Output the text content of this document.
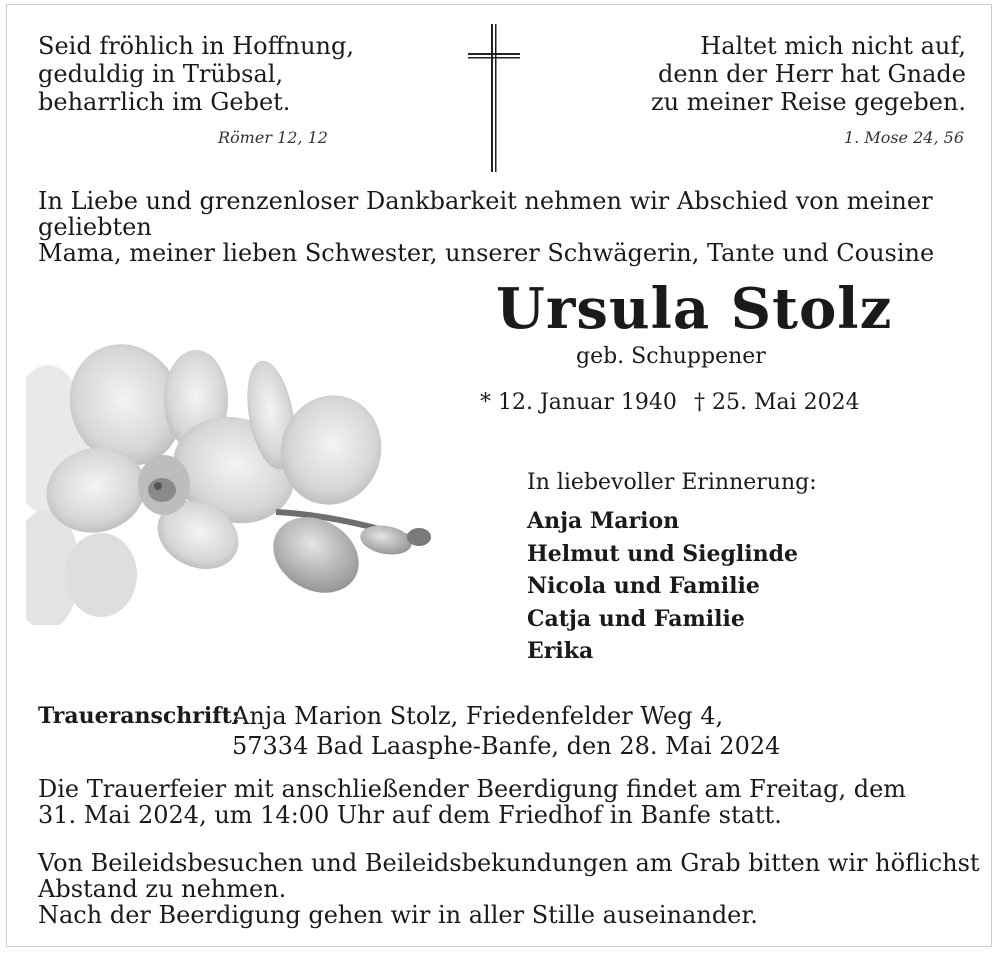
Seid fröhlich in Hoffnung,
geduldig in Trübsal,
beharrlich im Gebet.
Römer 12, 12
Haltet mich nicht auf,
denn der Herr hat Gnade
zu meiner Reise gegeben.
1. Mose 24, 56
In Liebe und grenzenloser Dankbarkeit nehmen wir Abschied von meiner geliebten
Mama, meiner lieben Schwester, unserer Schwägerin, Tante und Cousine
Ursula Stolz
geb. Schuppener
* 12. Januar 1940 † 25. Mai 2024
In liebevoller Erinnerung:
Anja Marion
Helmut und Sieglinde
Nicola und Familie
Catja und Familie
Erika
Traueranschrift:
Anja Marion Stolz, Friedenfelder Weg 4,
57334 Bad Laasphe-Banfe, den 28. Mai 2024
Die Trauerfeier mit anschließender Beerdigung findet am Freitag, dem
31. Mai 2024, um 14:00 Uhr auf dem Friedhof in Banfe statt.
Von Beileidsbesuchen und Beileidsbekundungen am Grab bitten wir höflichst
Abstand zu nehmen.
Nach der Beerdigung gehen wir in aller Stille auseinander.
